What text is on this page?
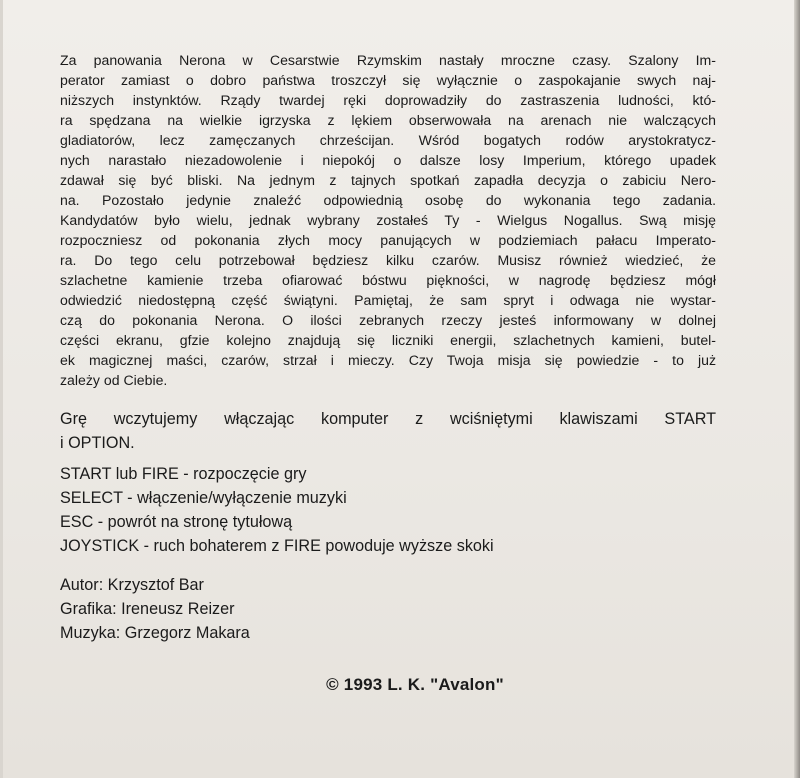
Za panowania Nerona w Cesarstwie Rzymskim nastały mroczne czasy. Szalony Im-
perator zamiast o dobro państwa troszczył się wyłącznie o zaspokajanie swych naj-
niższych instynktów. Rządy twardej ręki doprowadziły do zastraszenia ludności, któ-
ra spędzana na wielkie igrzyska z lękiem obserwowała na arenach nie walczących
gladiatorów, lecz zamęczanych chrześcijan. Wśród bogatych rodów arystokratycz-
nych narastało niezadowolenie i niepokój o dalsze losy Imperium, którego upadek
zdawał się być bliski. Na jednym z tajnych spotkań zapadła decyzja o zabiciu Nero-
na. Pozostało jedynie znaleźć odpowiednią osobę do wykonania tego zadania.
Kandydatów było wielu, jednak wybrany zostałeś Ty - Wielgus Nogallus. Swą misję
rozpoczniesz od pokonania złych mocy panujących w podziemiach pałacu Imperato-
ra. Do tego celu potrzebował będziesz kilku czarów. Musisz również wiedzieć, że
szlachetne kamienie trzeba ofiarować bóstwu piękności, w nagrodę będziesz mógł
odwiedzić niedostępną część świątyni. Pamiętaj, że sam spryt i odwaga nie wystar-
czą do pokonania Nerona. O ilości zebranych rzeczy jesteś informowany w dolnej
części ekranu, gfzie kolejno znajdują się liczniki energii, szlachetnych kamieni, butel-
ek magicznej maści, czarów, strzał i mieczy. Czy Twoja misja się powiedzie - to już
zależy od Ciebie.
Grę wczytujemy włączając komputer z wciśniętymi klawiszami START
i OPTION.
START lub FIRE - rozpoczęcie gry
SELECT - włączenie/wyłączenie muzyki
ESC - powrót na stronę tytułową
JOYSTICK - ruch bohaterem z FIRE powoduje wyższe skoki
Autor: Krzysztof Bar
Grafika: Ireneusz Reizer
Muzyka: Grzegorz Makara
© 1993 L. K. "Avalon"
